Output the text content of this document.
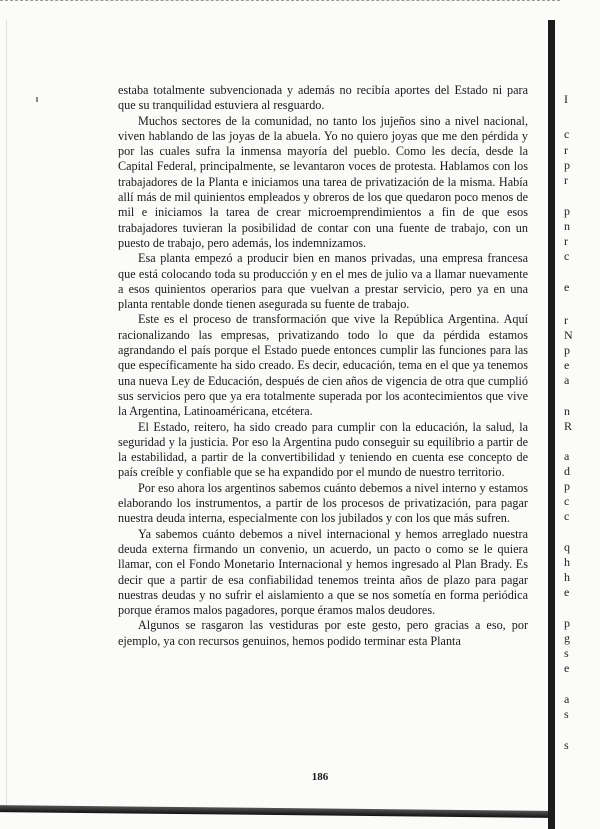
estaba totalmente subvencionada y además no recibía aportes del Estado ni para que su tranquilidad estuviera al resguardo.

Muchos sectores de la comunidad, no tanto los jujeños sino a nivel nacional, viven hablando de las joyas de la abuela. Yo no quiero joyas que me den pérdida y por las cuales sufra la inmensa mayoría del pueblo. Como les decía, desde la Capital Federal, principalmente, se levantaron voces de protesta. Hablamos con los trabajadores de la Planta e iniciamos una tarea de privatización de la misma. Había allí más de mil quinientos empleados y obreros de los que quedaron poco menos de mil e iniciamos la tarea de crear microemprendimientos a fin de que esos trabajadores tuvieran la posibilidad de contar con una fuente de trabajo, con un puesto de trabajo, pero además, los indemnizamos.

Esa planta empezó a producir bien en manos privadas, una empresa francesa que está colocando toda su producción y en el mes de julio va a llamar nuevamente a esos quinientos operarios para que vuelvan a prestar servicio, pero ya en una planta rentable donde tienen asegurada su fuente de trabajo.

Este es el proceso de transformación que vive la República Argentina. Aquí racionalizando las empresas, privatizando todo lo que da pérdida estamos agrandando el país porque el Estado puede entonces cumplir las funciones para las que específicamente ha sido creado. Es decir, educación, tema en el que ya tenemos una nueva Ley de Educación, después de cien años de vigencia de otra que cumplió sus servicios pero que ya era totalmente superada por los acontecimientos que vive la Argentina, Latinoaméricana, etcétera.

El Estado, reitero, ha sido creado para cumplir con la educación, la salud, la seguridad y la justicia. Por eso la Argentina pudo conseguir su equilibrio a partir de la estabilidad, a partir de la convertibilidad y teniendo en cuenta ese concepto de país creíble y confiable que se ha expandido por el mundo de nuestro territorio.

Por eso ahora los argentinos sabemos cuánto debemos a nivel interno y estamos elaborando los instrumentos, a partir de los procesos de privatización, para pagar nuestra deuda interna, especialmente con los jubilados y con los que más sufren.

Ya sabemos cuánto debemos a nivel internacional y hemos arreglado nuestra deuda externa firmando un convenio, un acuerdo, un pacto o como se le quiera llamar, con el Fondo Monetario Internacional y hemos ingresado al Plan Brady. Es decir que a partir de esa confiabilidad tenemos treinta años de plazo para pagar nuestras deudas y no sufrir el aislamiento a que se nos sometía en forma periódica porque éramos malos pagadores, porque éramos malos deudores.

Algunos se rasgaron las vestiduras por este gesto, pero gracias a eso, por ejemplo, ya con recursos genuinos, hemos podido terminar esta Planta

186
I
c
r
p
r
p
n
r
c
e
r
N
p
e
a
n
R
a
d
p
c
c
q
h
h
e
p
g
s
e
a
s
s
